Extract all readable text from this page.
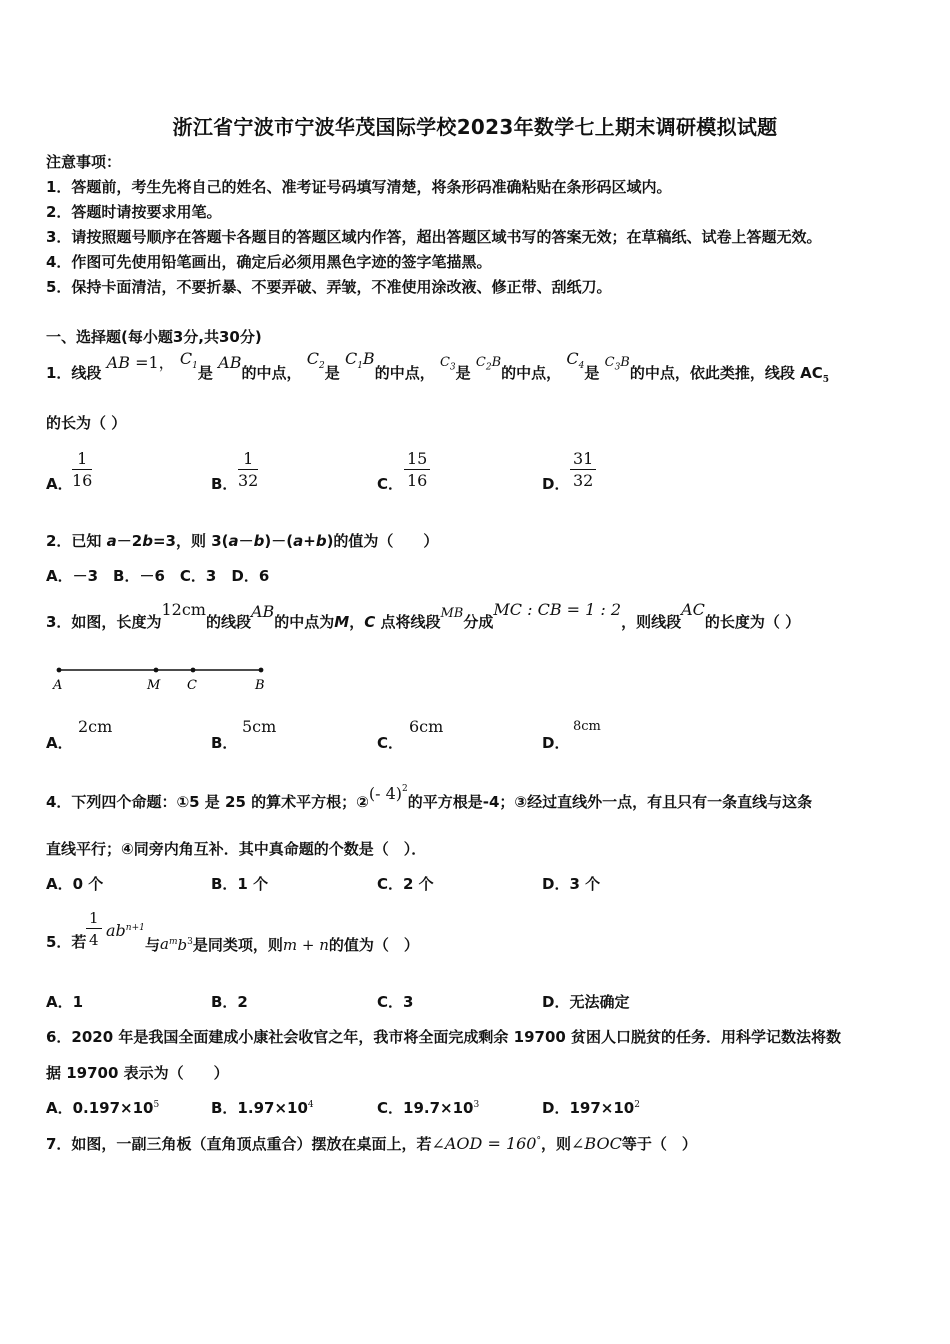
浙江省宁波市宁波华茂国际学校2023年数学七上期末调研模拟试题
注意事项：
1．答题前，考生先将自己的姓名、准考证号码填写清楚，将条形码准确粘贴在条形码区域内。
2．答题时请按要求用笔。
3．请按照题号顺序在答题卡各题目的答题区域内作答，超出答题区域书写的答案无效；在草稿纸、试卷上答题无效。
4．作图可先使用铅笔画出，确定后必须用黑色字迹的签字笔描黑。
5．保持卡面清洁，不要折暴、不要弄破、弄皱，不准使用涂改液、修正带、刮纸刀。
一、选择题(每小题3分,共30分)
1．线段 AB =1， $C_1$是 AB的中点， $C_2$是 $C_1B$的中点， $C_3$是 $C_2B$的中点， $C_4$是 $C_3B$的中点，依此类推，线段 $AC_5$
的长为（ ）
A． $\frac{1}{16}$	B． $\frac{1}{32}$	C． $\frac{15}{16}$	D． $\frac{31}{32}$
2．已知 a－2b=3，则 3(a－b)－(a+b)的值为（　　）
A．－3　B．－6　C．3　D．6
3．如图，长度为12cm的线段AB的中点为M，C 点将线段MB分成MC : CB = 1 : 2，则线段AC的长度为（ ）
A	M C	B
A．
2cm
B．
5cm
C．
6cm
D．
8cm
4．下列四个命题：①5 是 25 的算术平方根；②(- 4)$^2$的平方根是-4；③经过直线外一点，有且只有一条直线与这条
直线平行；④同旁内角互补．其中真命题的个数是（　）．
A．0 个	B．1 个	C．2 个	D．3 个
5．若 $\frac{1}{4} ab^{n+1}$
与$a^mb^3$是同类项，则m + n的值为（　）
A．1	B．2	C．3	D．无法确定
6．2020 年是我国全面建成小康社会收官之年，我市将全面完成剩余 19700 贫困人口脱贫的任务．用科学记数法将数
据 19700 表示为（　　）
A．$0.197\times 10^5$	B．$1.97\times 10^4$	C．$19.7\times 10^3$	D．$197\times 10^2$
7．如图，一副三角板（直角顶点重合）摆放在桌面上，若∠AOD = 160°，则∠BOC等于（　）
